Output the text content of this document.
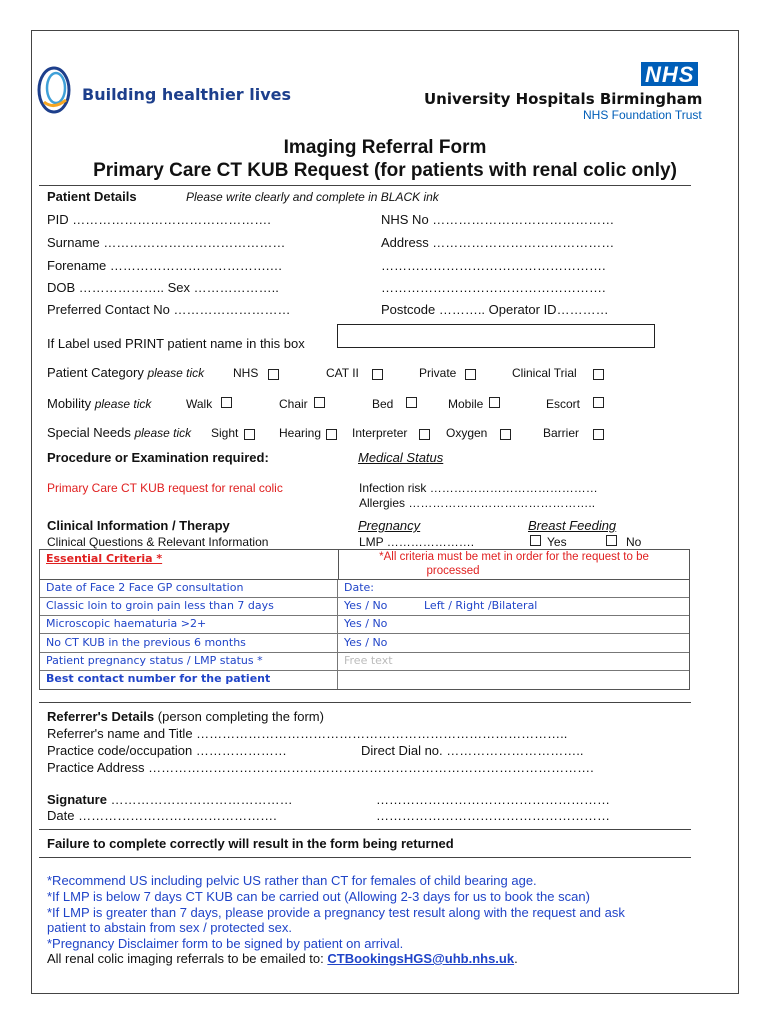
Building healthier lives
NHS
University Hospitals Birmingham
NHS Foundation Trust
Imaging Referral Form
Primary Care CT KUB Request (for patients with renal colic only)
Patient Details	Please write clearly and complete in BLACK ink
PID ……………………………………….	NHS No ……………………………………
Surname ……………………………………	Address ……………………………………
Forename ……………………………….…	…………………………………………….
DOB ……………….. Sex ………………..	…………………………………………….
Preferred Contact No ………………………	Postcode ……….. Operator ID…………
If Label used PRINT patient name in this box
Patient Category please tick NHS	CAT II	Private	Clinical Trial
Mobility please tick	Walk	Chair	Bed	Mobile	Escort
Special Needs please tick Sight	Hearing	Interpreter	Oxygen	Barrier
Procedure or Examination required:	Medical Status
Primary Care CT KUB request for renal colic	Infection risk ……………………………………
Allergies ………………………………………..
Clinical Information / Therapy	Pregnancy	Breast Feeding
Clinical Questions & Relevant Information	LMP ………………….	Yes	No
Essential Criteria *	*All criteria must be met in order for the request to be
processed
Date of Face 2 Face GP consultation	Date:
Classic loin to groin pain less than 7 days	Yes / No	Left / Right /Bilateral
Microscopic haematuria >2+	Yes / No
No CT KUB in the previous 6 months	Yes / No
Patient pregnancy status / LMP status *	Free text
Best contact number for the patient
Referrer's Details (person completing the form)
Referrer's name and Title …………………………………………………………………………..
Practice code/occupation …………………	Direct Dial no. …………………………..
Practice Address ………………………………………………………………………………………….
Signature ……………………………………	………………………………………………
Date ……………………………………….	………………………………………………
Failure to complete correctly will result in the form being returned
*Recommend US including pelvic US rather than CT for females of child bearing age.
*If LMP is below 7 days CT KUB can be carried out (Allowing 2-3 days for us to book the scan)
*If LMP is greater than 7 days, please provide a pregnancy test result along with the request and ask
patient to abstain from sex / protected sex.
*Pregnancy Disclaimer form to be signed by patient on arrival.
All renal colic imaging referrals to be emailed to: CTBookingsHGS@uhb.nhs.uk.
